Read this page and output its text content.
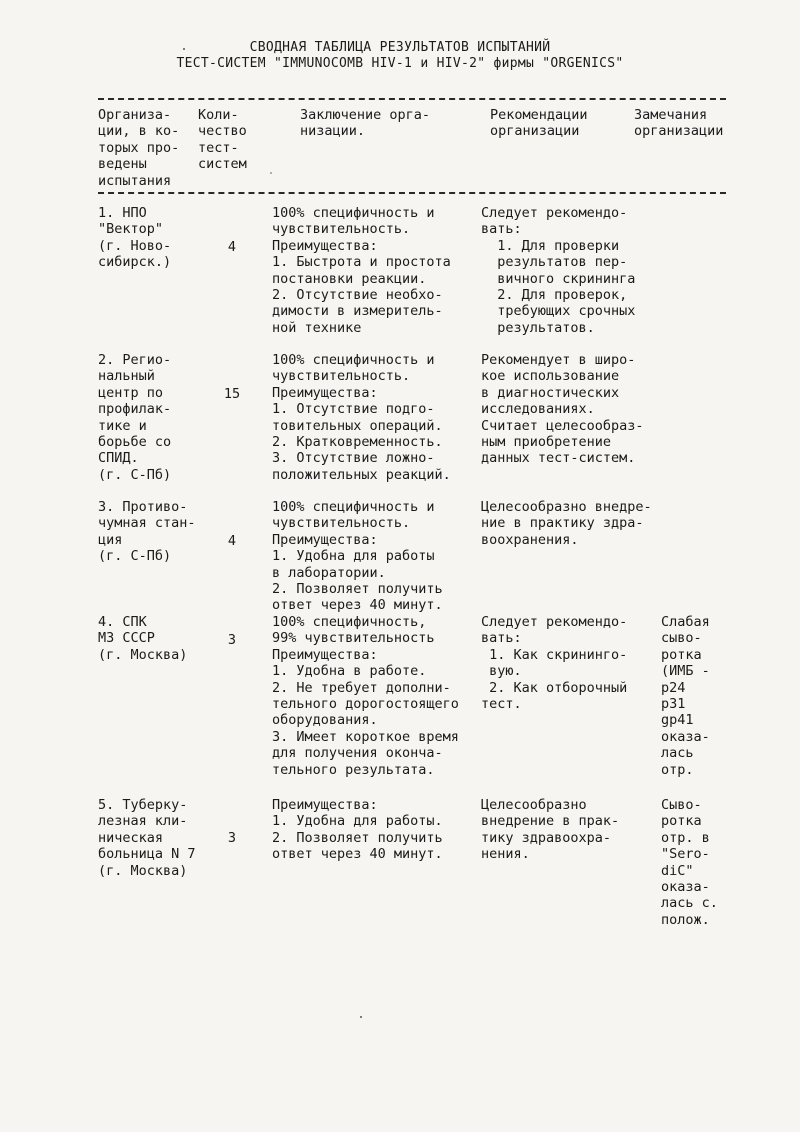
СВОДНАЯ ТАБЛИЦА РЕЗУЛЬТАТОВ ИСПЫТАНИЙ
ТЕСТ-СИСТЕМ "IMMUNOCOMB HIV-1 и HIV-2" фирмы "ORGENICS"
Организа-
ции, в ко-
торых про-
ведены
испытания
Коли-
чество
тест-
систем
Заключение орга-
низации.
Рекомендации
организации
Замечания
организации
1. НПО
"Вектор"
(г. Ново-
сибирск.)
4
100% специфичность и
чувствительность.
Преимущества:
1. Быстрота и простота
постановки реакции.
2. Отсутствие необхо-
димости в измеритель-
ной технике
Следует рекомендо-
вать:
1. Для проверки
результатов пер-
вичного скрининга
2. Для проверок,
требующих срочных
результатов.
2. Регио-
нальный
центр по
профилак-
тике и
борьбе со
СПИД.
(г. С-Пб)
15
100% специфичность и
чувствительность.
Преимущества:
1. Отсутствие подго-
товительных операций.
2. Кратковременность.
3. Отсутствие ложно-
положительных реакций.
Рекомендует в широ-
кое использование
в диагностических
исследованиях.
Считает целесообраз-
ным приобретение
данных тест-систем.
3. Противо-
чумная стан-
ция
(г. С-Пб)
4
100% специфичность и
чувствительность.
Преимущества:
1. Удобна для работы
в лаборатории.
2. Позволяет получить
ответ через 40 минут.
Целесообразно внедре-
ние в практику здра-
воохранения.
4. СПК
МЗ СССР
(г. Москва)
3
100% специфичность,
99% чувствительность
Преимущества:
1. Удобна в работе.
2. Не требует дополни-
тельного дорогостоящего
оборудования.
3. Имеет короткое время
для получения оконча-
тельного результата.
Следует рекомендо-
вать:
1. Как скрининго-
вую.
2. Как отборочный
тест.
Слабая
сыво-
ротка
(ИМБ -
p24
p31
gp41
оказа-
лась
отр.
5. Туберку-
лезная кли-
ническая
больница N 7
(г. Москва)
3
Преимущества:
1. Удобна для работы.
2. Позволяет получить
ответ через 40 минут.
Целесообразно
внедрение в прак-
тику здравоохра-
нения.
Сыво-
ротка
отр. в
"Sero-
diC"
оказа-
лась с.
полож.
